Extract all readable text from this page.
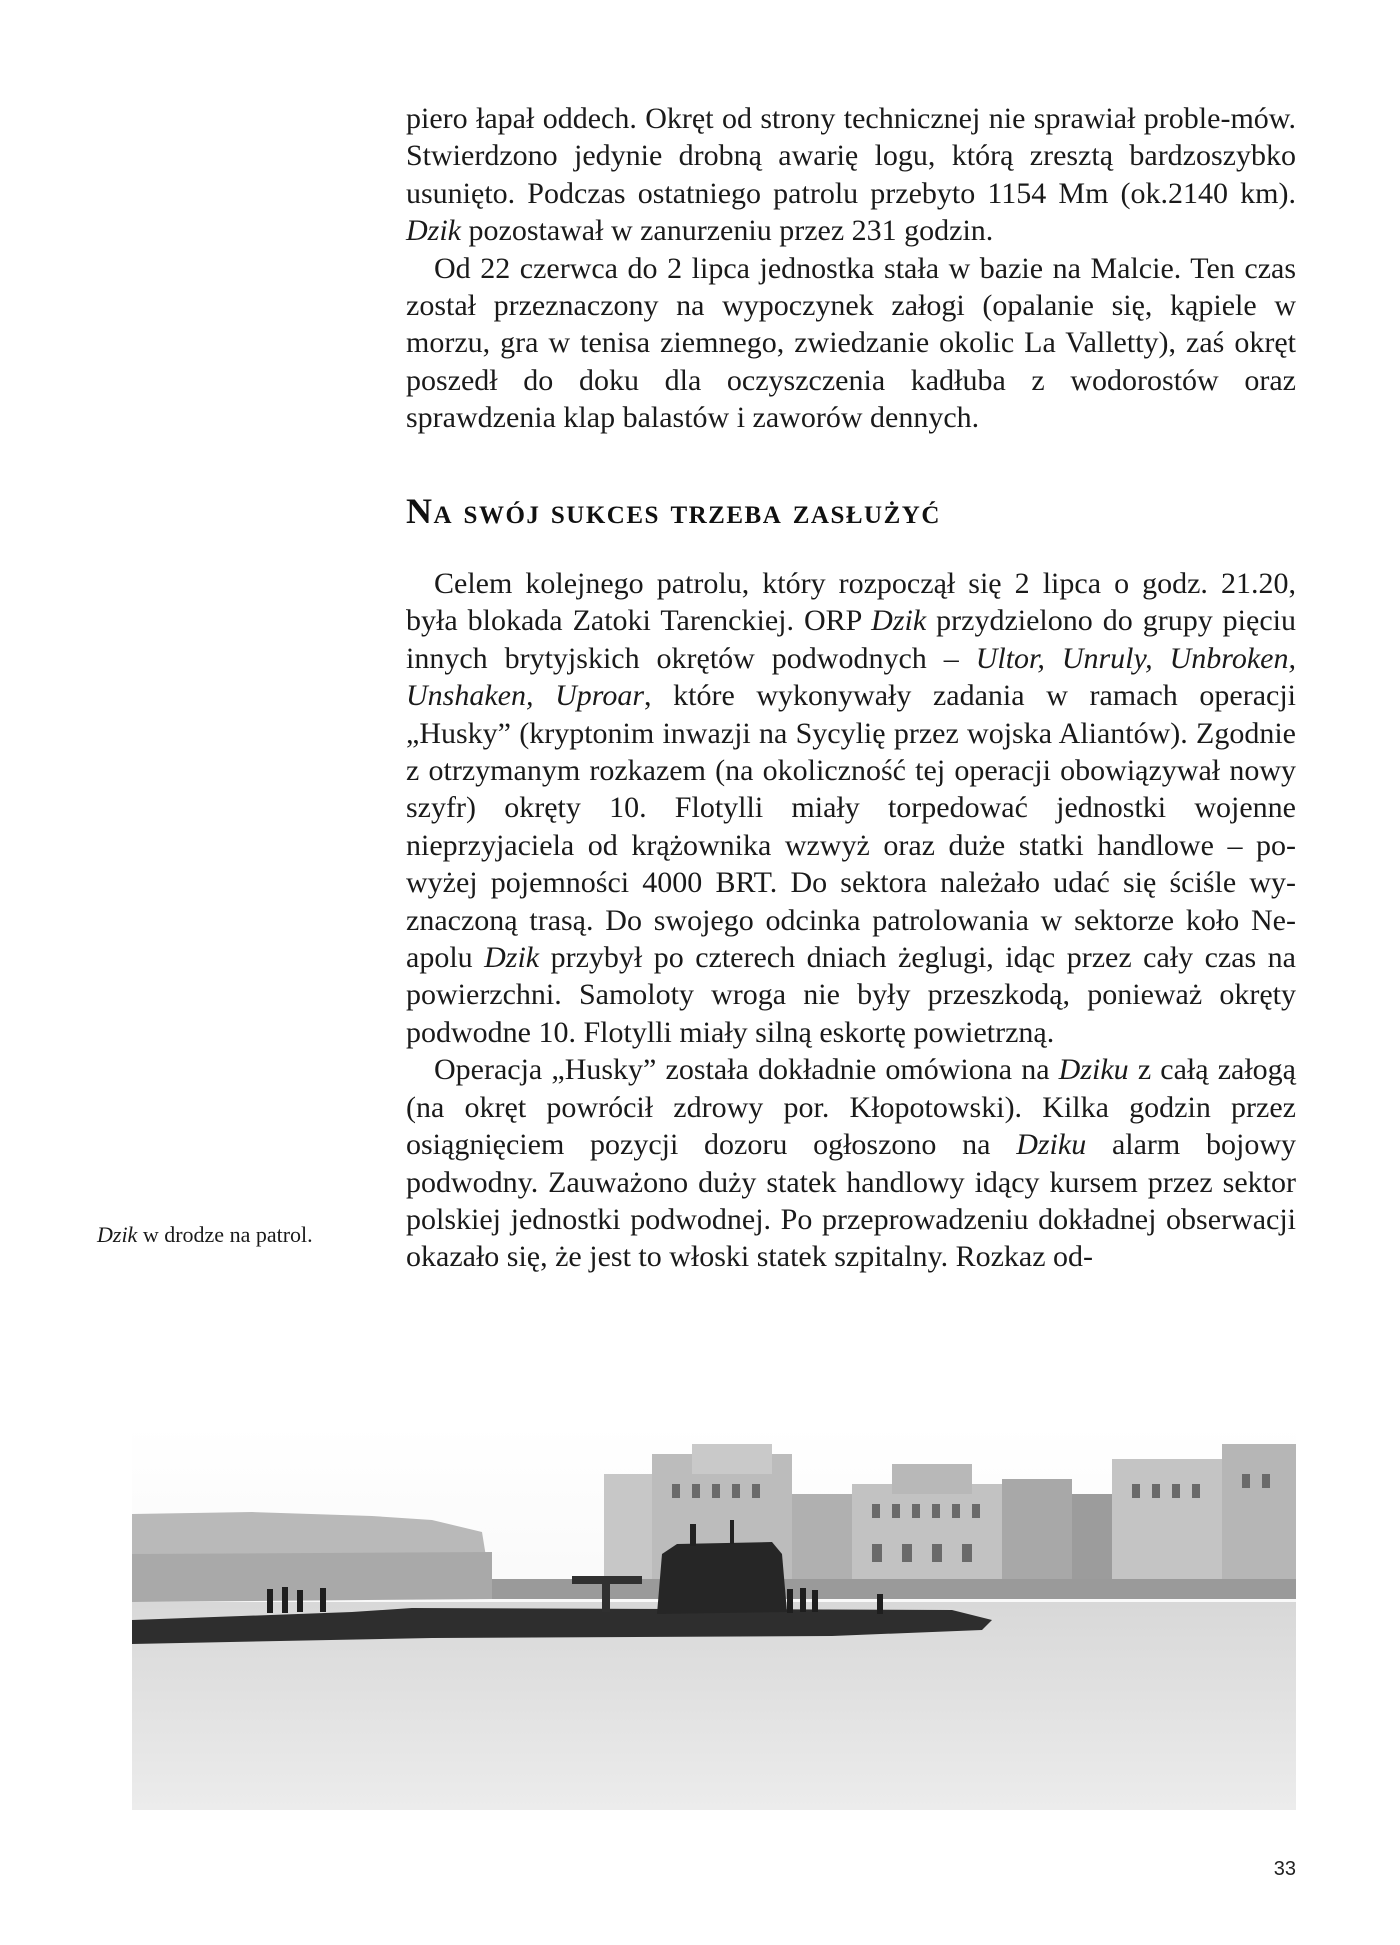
piero łapał oddech. Okręt od strony technicznej nie sprawiał proble-mów. Stwierdzono jedynie drobną awarię logu, którą zresztą bardzoszybko usunięto. Podczas ostatniego patrolu przebyto 1154 Mm (ok.2140 km). Dzik pozostawał w zanurzeniu przez 231 godzin.

Od 22 czerwca do 2 lipca jednostka stała w bazie na Malcie. Ten czas został przeznaczony na wypoczynek załogi (opalanie się, kąpiele w morzu, gra w tenisa ziemnego, zwiedzanie okolic La Valletty), zaś okręt poszedł do doku dla oczyszczenia kadłuba z wodorostów oraz sprawdzenia klap balastów i zaworów dennych.

Na swój sukces trzeba zasłużyć

Celem kolejnego patrolu, który rozpoczął się 2 lipca o godz. 21.20, była blokada Zatoki Tarenckiej. ORP Dzik przydzielono do grupy pięciu innych brytyjskich okrętów podwodnych – Ultor, Unruly, Unbroken, Unshaken, Uproar, które wykonywały zadania w ramach operacji „Husky” (kryptonim inwazji na Sycylię przez wojska Aliantów). Zgodnie z otrzymanym rozkazem (na okoliczność tej operacji obowiązywał nowy szyfr) okręty 10. Flotylli miały torpedować jednostki wojenne nieprzyjaciela od krążownika wzwyż oraz duże statki handlowe – powyżej pojemności 4000 BRT. Do sektora należało udać się ściśle wyznaczoną trasą. Do swojego odcinka patrolowania w sektorze koło Neapolu Dzik przybył po czterech dniach żeglugi, idąc przez cały czas na powierzchni. Samoloty wroga nie były przeszkodą, ponieważ okręty podwodne 10. Flotylli miały silną eskortę powietrzną.

Operacja „Husky” została dokładnie omówiona na Dziku z całą załogą (na okręt powrócił zdrowy por. Kłopotowski). Kilka godzin przez osiągnięciem pozycji dozoru ogłoszono na Dziku alarm bojowy podwodny. Zauważono duży statek handlowy idący kursem przez sektor polskiej jednostki podwodnej. Po przeprowadzeniu dokładnej obserwacji okazało się, że jest to włoski statek szpitalny. Rozkaz od-

Dzik w drodze na patrol.
33
